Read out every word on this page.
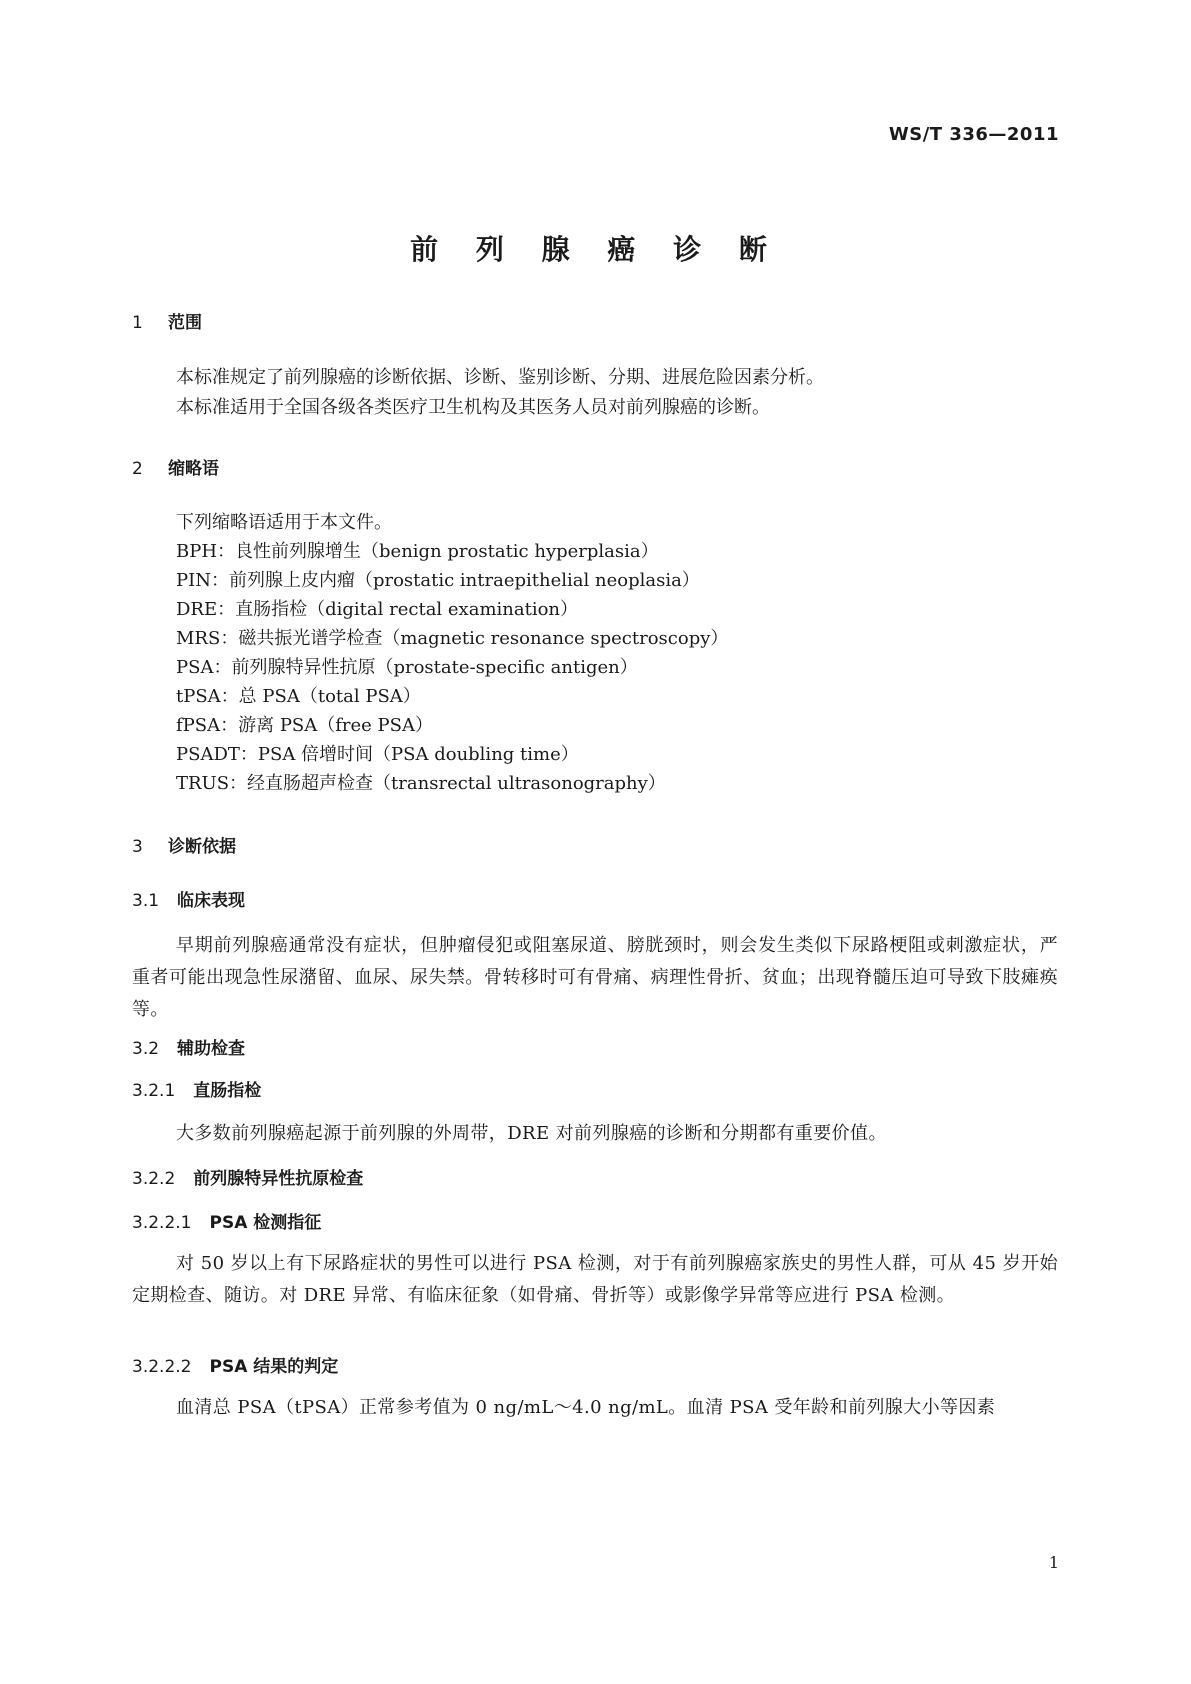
WS/T 336—2011
前 列 腺 癌 诊 断
1 范围
本标准规定了前列腺癌的诊断依据、诊断、鉴别诊断、分期、进展危险因素分析。
本标准适用于全国各级各类医疗卫生机构及其医务人员对前列腺癌的诊断。
2 缩略语
下列缩略语适用于本文件。
BPH：良性前列腺增生（benign prostatic hyperplasia）
PIN：前列腺上皮内瘤（prostatic intraepithelial neoplasia）
DRE：直肠指检（digital rectal examination）
MRS：磁共振光谱学检查（magnetic resonance spectroscopy）
PSA：前列腺特异性抗原（prostate-specific antigen）
tPSA：总 PSA（total PSA）
fPSA：游离 PSA（free PSA）
PSADT：PSA 倍增时间（PSA doubling time）
TRUS：经直肠超声检查（transrectal ultrasonography）
3 诊断依据
3.1 临床表现
早期前列腺癌通常没有症状，但肿瘤侵犯或阻塞尿道、膀胱颈时，则会发生类似下尿路梗阻或刺激症状，严重者可能出现急性尿潴留、血尿、尿失禁。骨转移时可有骨痛、病理性骨折、贫血；出现脊髓压迫可导致下肢瘫痪等。
3.2 辅助检查
3.2.1 直肠指检
大多数前列腺癌起源于前列腺的外周带，DRE 对前列腺癌的诊断和分期都有重要价值。
3.2.2 前列腺特异性抗原检查
3.2.2.1 PSA 检测指征
对 50 岁以上有下尿路症状的男性可以进行 PSA 检测，对于有前列腺癌家族史的男性人群，可从 45 岁开始定期检查、随访。对 DRE 异常、有临床征象（如骨痛、骨折等）或影像学异常等应进行 PSA 检测。
3.2.2.2 PSA 结果的判定
血清总 PSA（tPSA）正常参考值为 0 ng/mL～4.0 ng/mL。血清 PSA 受年龄和前列腺大小等因素
1
